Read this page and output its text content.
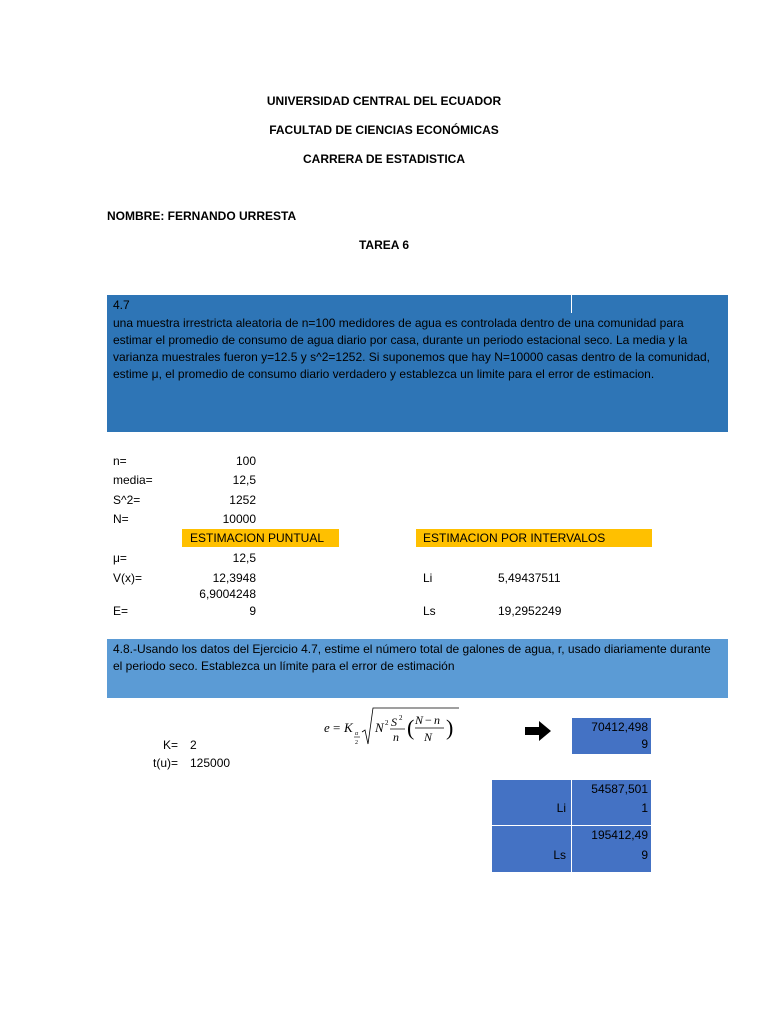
UNIVERSIDAD CENTRAL DEL ECUADOR
FACULTAD DE CIENCIAS ECONÓMICAS
CARRERA DE ESTADISTICA
NOMBRE: FERNANDO URRESTA
TAREA 6
4.7
una muestra irrestricta aleatoria de n=100 medidores de agua es controlada dentro de una comunidad para estimar el promedio de consumo de agua diario por casa, durante un periodo estacional seco. La media y la varianza muestrales fueron y=12.5 y s^2=1252. Si suponemos que hay N=10000 casas dentro de la comunidad, estime μ, el promedio de consumo diario verdadero y establezca un limite para el error de estimacion.
n=	100
media=	12,5
S^2=	1252
N=	10000
ESTIMACION PUNTUAL	ESTIMACION POR INTERVALOS
μ=	12,5
V(x)=	12,3948
6,9004248
E=	9
Li	5,49437511
Ls	19,2952249
4.8.-Usando los datos del Ejercicio 4.7, estime el número total de galones de agua, r, usado diariamente durante el periodo seco. Establezca un límite para el error de estimación
e = K α
2
N 2 S 2
n ( N − n
N )	70412,498
9
K= 2
t(u)= 125000
Li
54587,501
1
Ls
195412,49
9
